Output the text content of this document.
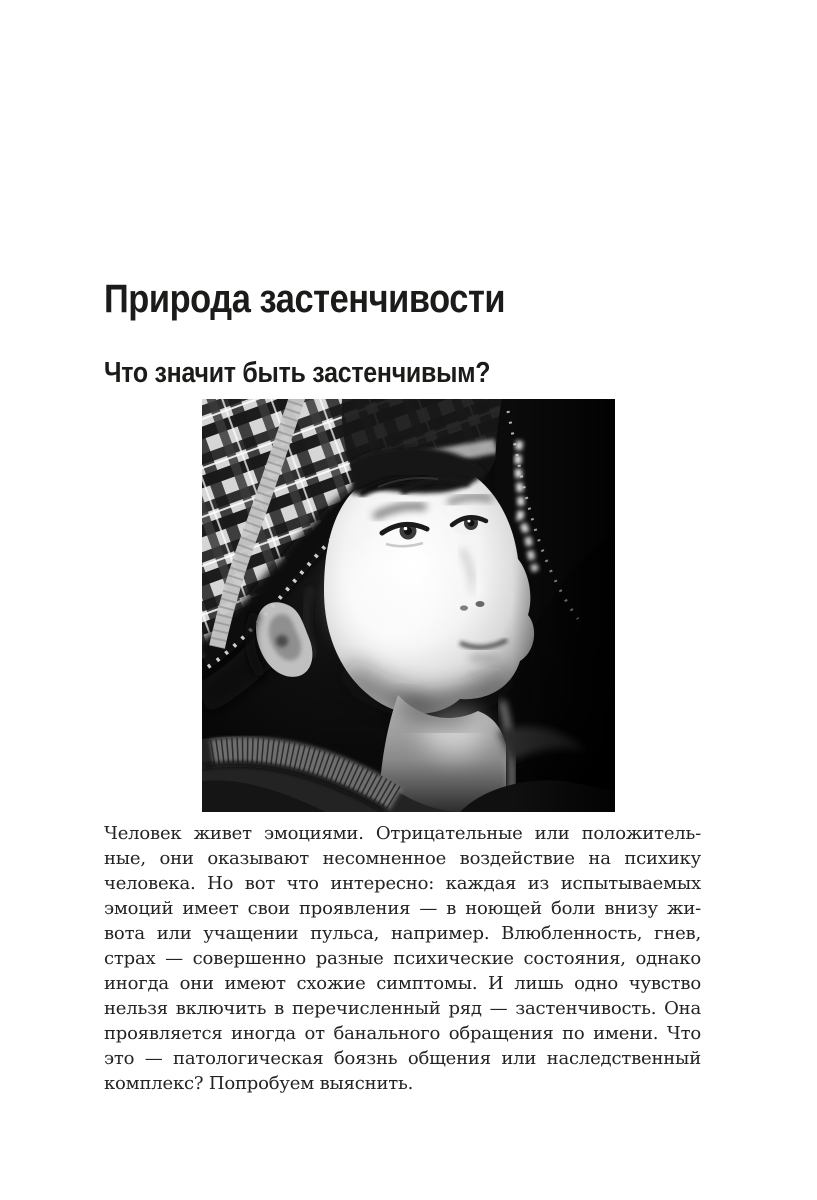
Природа застенчивости
Что значит быть застенчивым?
Человек живет эмоциями. Отрицательные или положитель-
ные, они оказывают несомненное воздействие на психику
человека. Но вот что интересно: каждая из испытываемых
эмоций имеет свои проявления — в ноющей боли внизу жи-
вота или учащении пульса, например. Влюбленность, гнев,
страх — совершенно разные психические состояния, однако
иногда они имеют схожие симптомы. И лишь одно чувство
нельзя включить в перечисленный ряд — застенчивость. Она
проявляется иногда от банального обращения по имени. Что
это — патологическая боязнь общения или наследственный
комплекс? Попробуем выяснить.
